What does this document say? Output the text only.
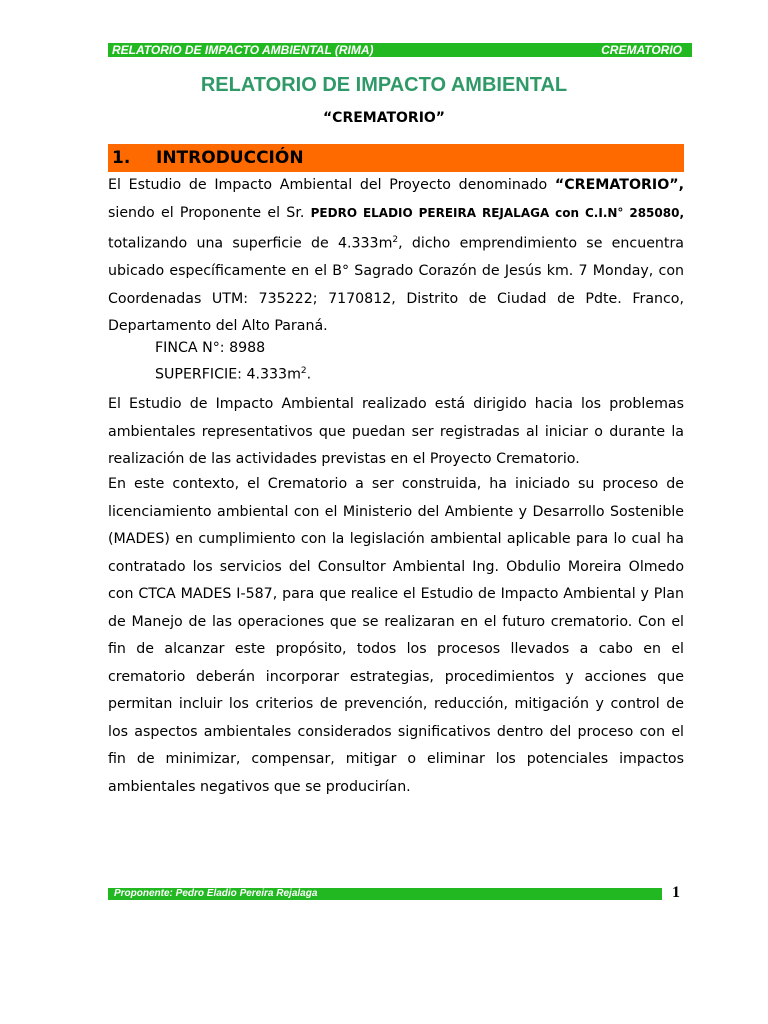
RELATORIO DE IMPACTO AMBIENTAL (RIMA)	CREMATORIO
RELATORIO DE IMPACTO AMBIENTAL
“CREMATORIO”
1. INTRODUCCIÓN

El Estudio de Impacto Ambiental del Proyecto denominado “CREMATORIO”, siendo el Proponente el Sr. PEDRO ELADIO PEREIRA REJALAGA con C.I.N° 285080, totalizando una superficie de $4.333m^2$, dicho emprendimiento se encuentra ubicado específicamente en el B° Sagrado Corazón de Jesús km. 7 Monday, con Coordenadas UTM: 735222; 7170812, Distrito de Ciudad de Pdte. Franco, Departamento del Alto Paraná.

FINCA N°: 8988
SUPERFICIE: $4.333m^2$.

El Estudio de Impacto Ambiental realizado está dirigido hacia los problemas ambientales representativos que puedan ser registradas al iniciar o durante la realización de las actividades previstas en el Proyecto Crematorio.

En este contexto, el Crematorio a ser construida, ha iniciado su proceso de licenciamiento ambiental con el Ministerio del Ambiente y Desarrollo Sostenible (MADES) en cumplimiento con la legislación ambiental aplicable para lo cual ha contratado los servicios del Consultor Ambiental Ing. Obdulio Moreira Olmedo con CTCA MADES I-587, para que realice el Estudio de Impacto Ambiental y Plan de Manejo de las operaciones que se realizaran en el futuro crematorio. Con el fin de alcanzar este propósito, todos los procesos llevados a cabo en el crematorio deberán incorporar estrategias, procedimientos y acciones que permitan incluir los criterios de prevención, reducción, mitigación y control de los aspectos ambientales considerados significativos dentro del proceso con el fin de minimizar, compensar, mitigar o eliminar los potenciales impactos ambientales negativos que se producirían.

Proponente: Pedro Eladio Pereira Rejalaga	1
